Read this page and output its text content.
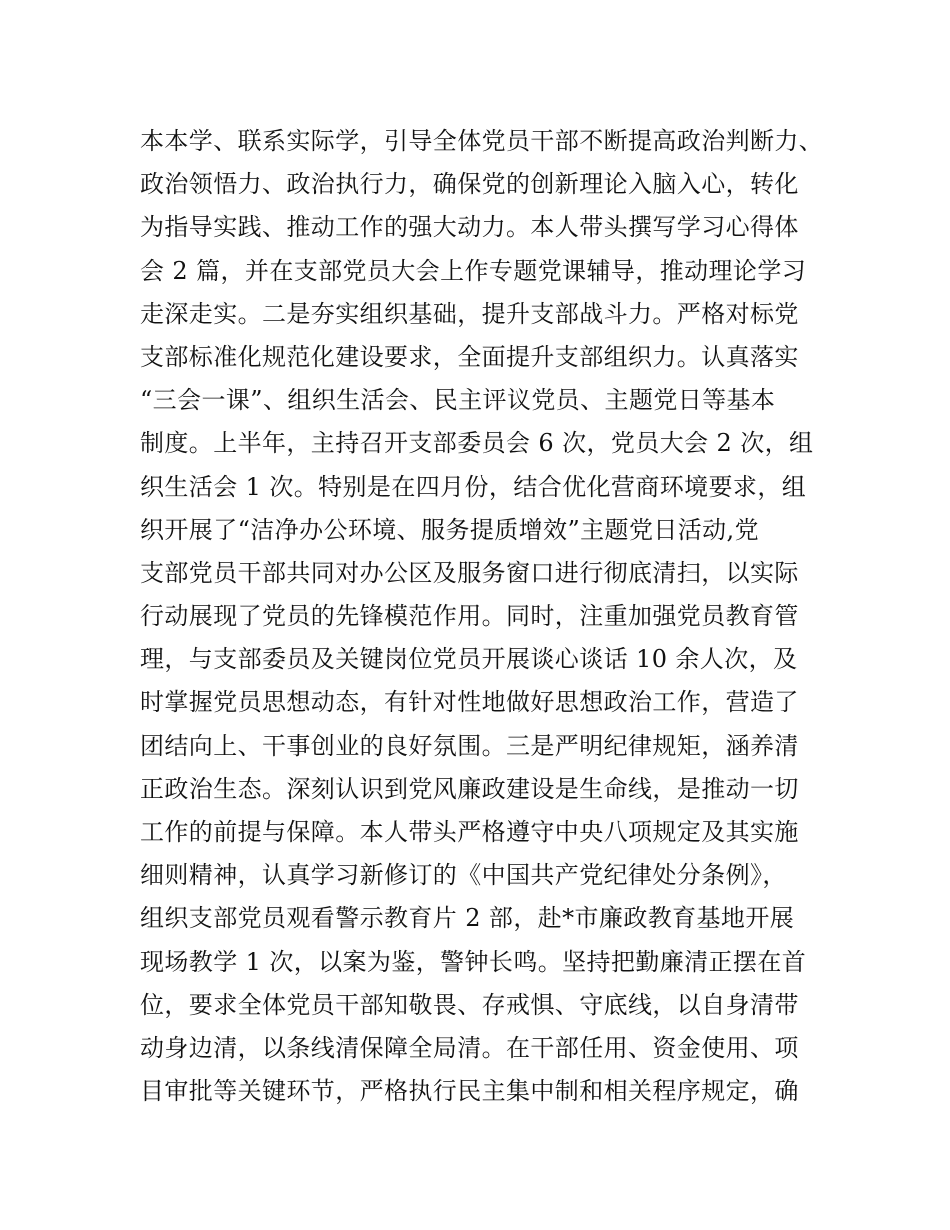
本本学、联系实际学，引导全体党员干部不断提高政治判断力、
政治领悟力、政治执行力，确保党的创新理论入脑入心，转化
为指导实践、推动工作的强大动力。本人带头撰写学习心得体
会 2 篇，并在支部党员大会上作专题党课辅导，推动理论学习
走深走实。二是夯实组织基础，提升支部战斗力。严格对标党
支部标准化规范化建设要求，全面提升支部组织力。认真落实
“三会一课”、组织生活会、民主评议党员、主题党日等基本
制度。上半年，主持召开支部委员会 6 次，党员大会 2 次，组
织生活会 1 次。特别是在四月份，结合优化营商环境要求，组
织开展了“洁净办公环境、服务提质增效”主题党日活动,党
支部党员干部共同对办公区及服务窗口进行彻底清扫，以实际
行动展现了党员的先锋模范作用。同时，注重加强党员教育管
理，与支部委员及关键岗位党员开展谈心谈话 10 余人次，及
时掌握党员思想动态，有针对性地做好思想政治工作，营造了
团结向上、干事创业的良好氛围。三是严明纪律规矩，涵养清
正政治生态。深刻认识到党风廉政建设是生命线，是推动一切
工作的前提与保障。本人带头严格遵守中央八项规定及其实施
细则精神，认真学习新修订的《中国共产党纪律处分条例》，
组织支部党员观看警示教育片 2 部，赴*市廉政教育基地开展
现场教学 1 次，以案为鉴，警钟长鸣。坚持把勤廉清正摆在首
位，要求全体党员干部知敬畏、存戒惧、守底线，以自身清带
动身边清，以条线清保障全局清。在干部任用、资金使用、项
目审批等关键环节，严格执行民主集中制和相关程序规定，确
